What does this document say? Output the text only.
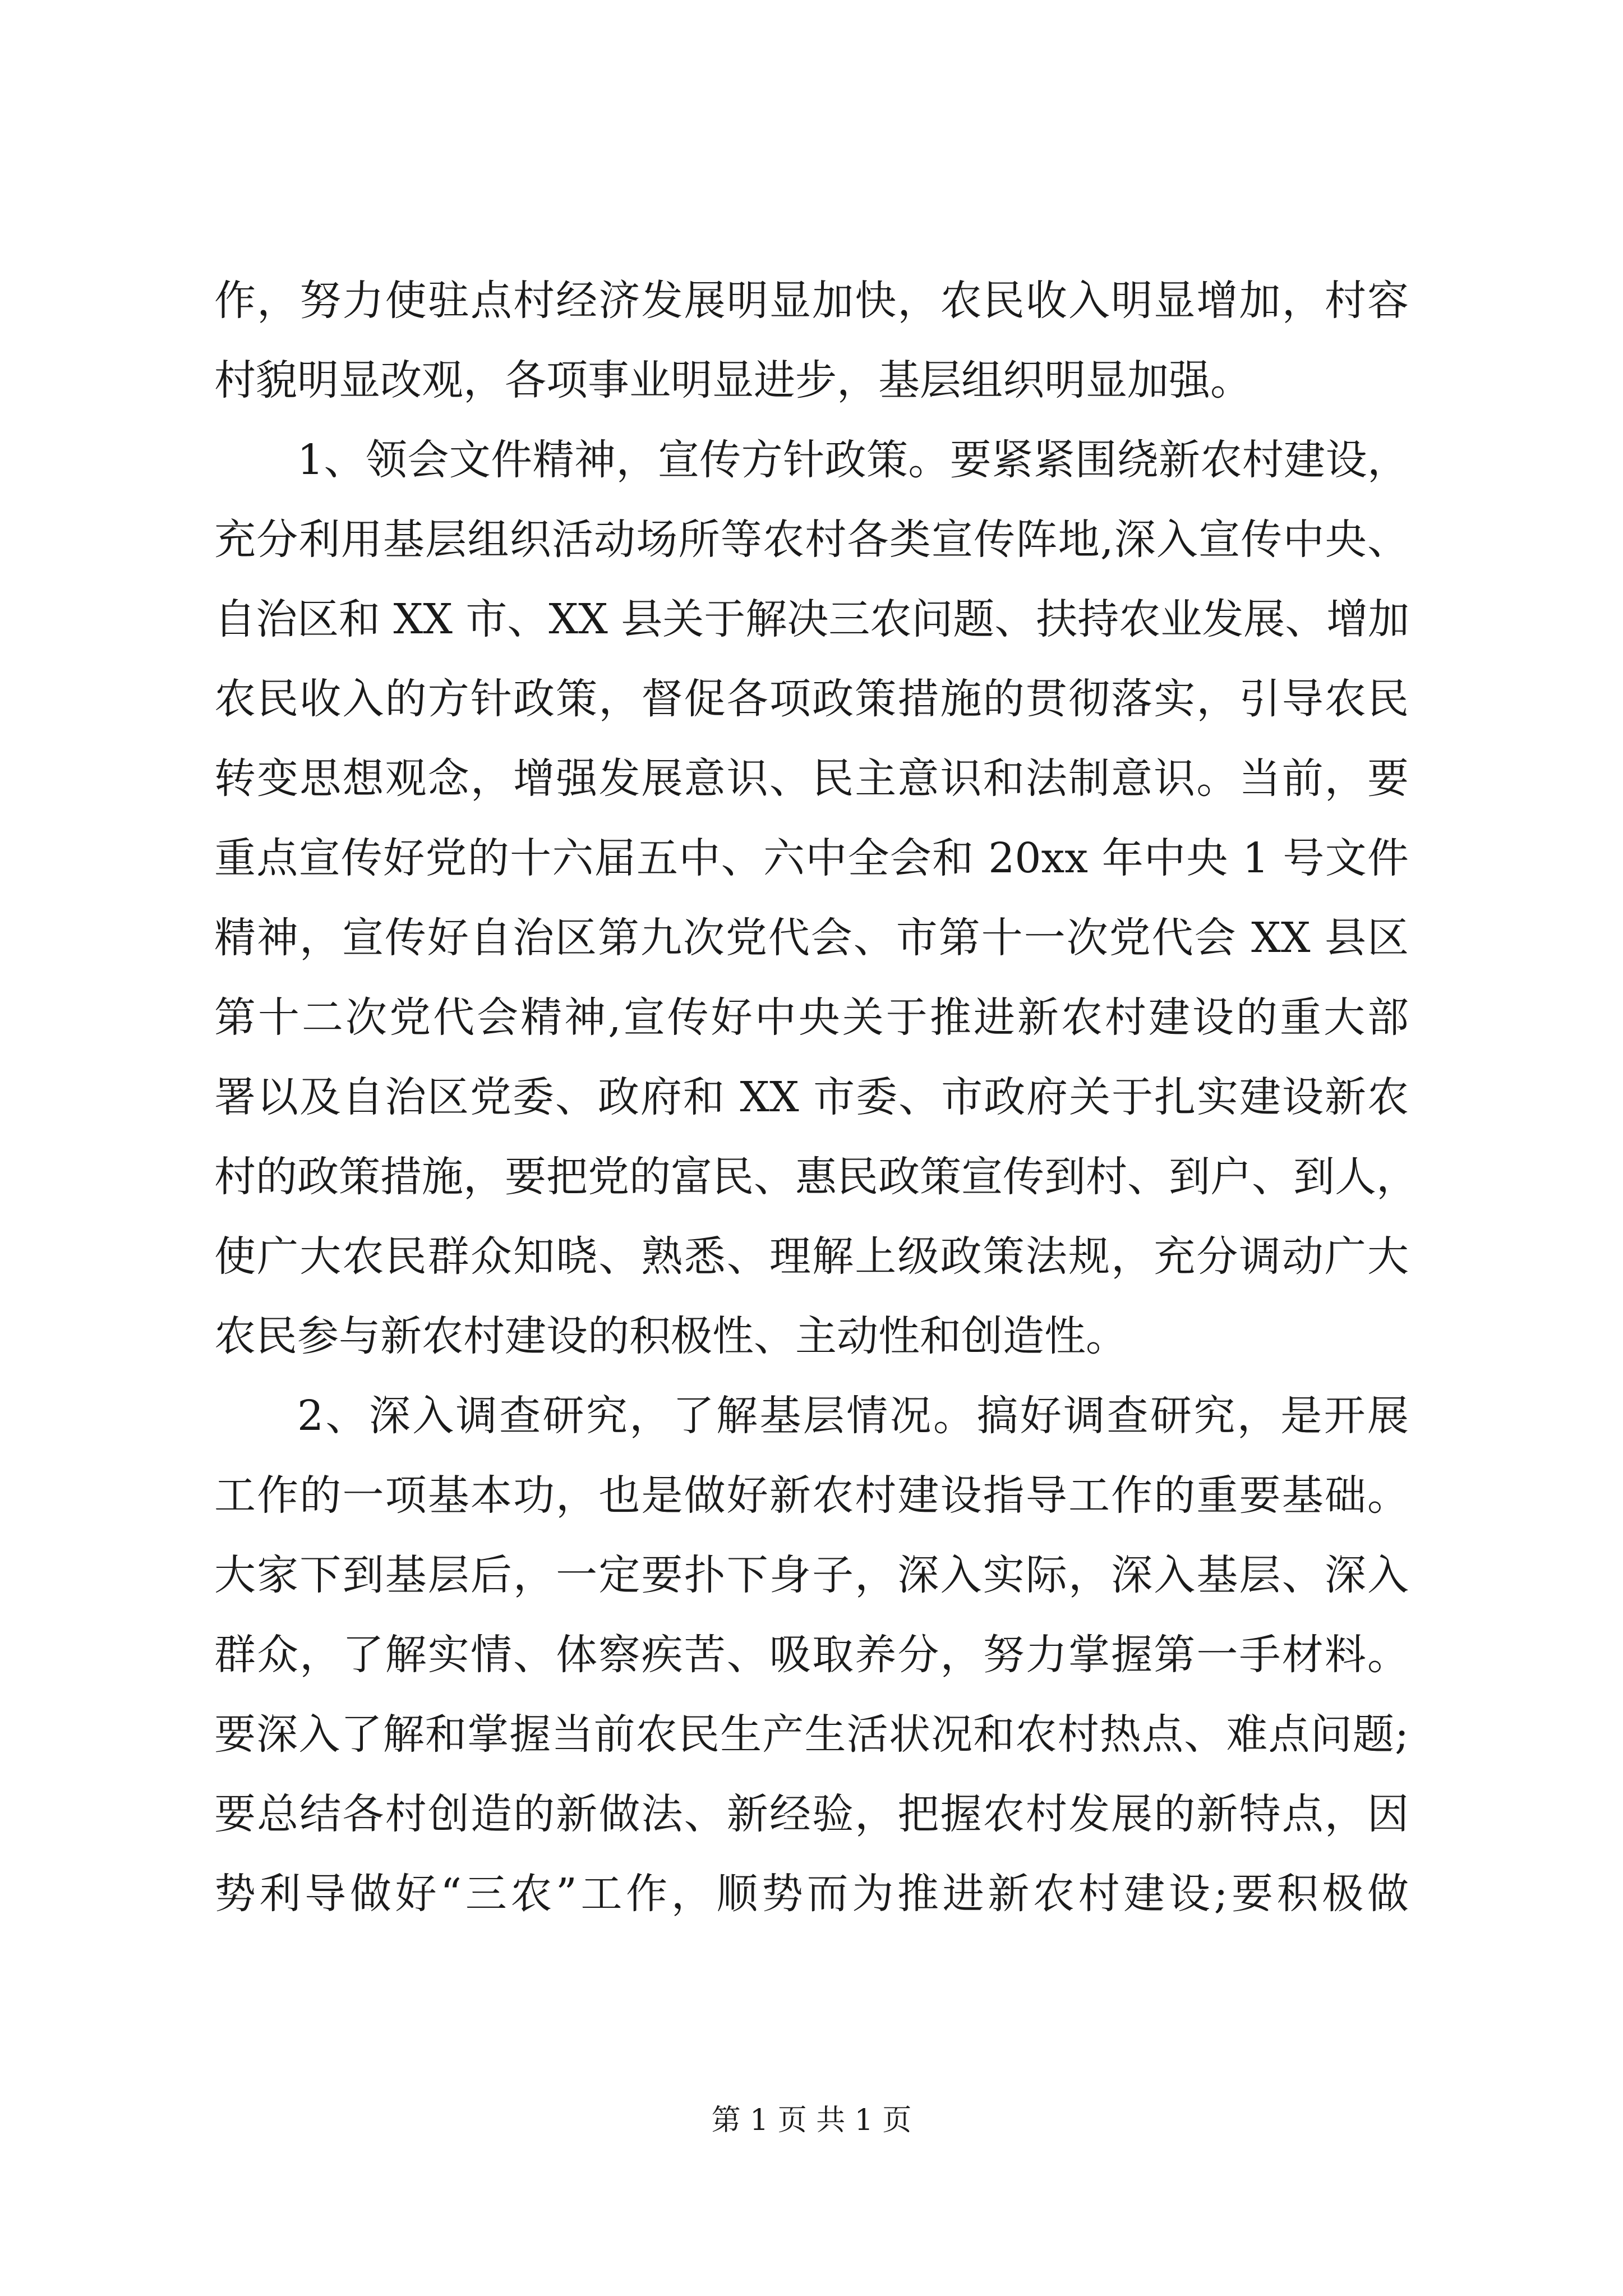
作，努力使驻点村经济发展明显加快，农民收入明显增加，村容
村貌明显改观，各项事业明显进步，基层组织明显加强。
1、领会文件精神，宣传方针政策。要紧紧围绕新农村建设，
充分利用基层组织活动场所等农村各类宣传阵地,深入宣传中央、
自治区和 XX 市、XX 县关于解决三农问题、扶持农业发展、增加
农民收入的方针政策，督促各项政策措施的贯彻落实，引导农民
转变思想观念，增强发展意识、民主意识和法制意识。当前，要
重点宣传好党的十六届五中、六中全会和 20xx 年中央 1 号文件
精神，宣传好自治区第九次党代会、市第十一次党代会 XX 县区
第十二次党代会精神,宣传好中央关于推进新农村建设的重大部
署以及自治区党委、政府和 XX 市委、市政府关于扎实建设新农
村的政策措施，要把党的富民、惠民政策宣传到村、到户、到人，
使广大农民群众知晓、熟悉、理解上级政策法规，充分调动广大
农民参与新农村建设的积极性、主动性和创造性。
2、深入调查研究，了解基层情况。搞好调查研究，是开展
工作的一项基本功，也是做好新农村建设指导工作的重要基础。
大家下到基层后，一定要扑下身子，深入实际，深入基层、深入
群众，了解实情、体察疾苦、吸取养分，努力掌握第一手材料。
要深入了解和掌握当前农民生产生活状况和农村热点、难点问题;
要总结各村创造的新做法、新经验，把握农村发展的新特点，因
势利导做好“三农”工作，顺势而为推进新农村建设;要积极做
第 1 页 共 1 页
